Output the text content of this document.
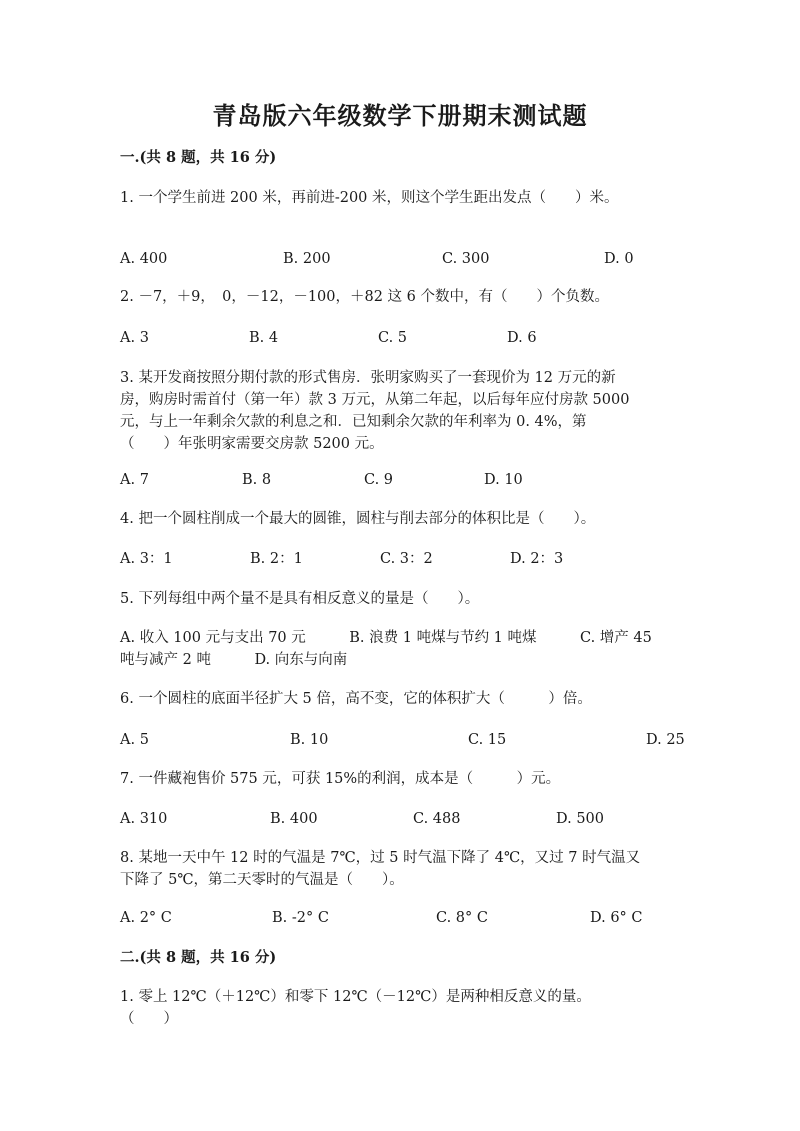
青岛版六年级数学下册期末测试题
一.(共 8 题，共 16 分)
1. 一个学生前进 200 米，再前进-200 米，则这个学生距出发点（　　）米。
A. 400	B. 200	C. 300	D. 0
2. －7，＋9，　0，－12，－100，＋82 这 6 个数中，有（　　）个负数。
A. 3	B. 4	C. 5	D. 6
3. 某开发商按照分期付款的形式售房．张明家购买了一套现价为 12 万元的新
房，购房时需首付（第一年）款 3 万元，从第二年起，以后每年应付房款 5000
元，与上一年剩余欠款的利息之和．已知剩余欠款的年利率为 0. 4%，第
（　　）年张明家需要交房款 5200 元。
A. 7	B. 8	C. 9	D. 10
4. 把一个圆柱削成一个最大的圆锥，圆柱与削去部分的体积比是（　　）。
A. 3：1	B. 2：1	C. 3：2	D. 2：3
5. 下列每组中两个量不是具有相反意义的量是（　　）。
A. 收入 100 元与支出 70 元　　　B. 浪费 1 吨煤与节约 1 吨煤　　　C. 增产 45
吨与减产 2 吨　　　D. 向东与向南
6. 一个圆柱的底面半径扩大 5 倍，高不变，它的体积扩大（　　　）倍。
A. 5	B. 10	C. 15	D. 25
7. 一件藏袍售价 575 元，可获 15%的利润，成本是（　　　）元。
A. 310	B. 400	C. 488	D. 500
8. 某地一天中午 12 时的气温是 7℃，过 5 时气温下降了 4℃，又过 7 时气温又
下降了 5℃，第二天零时的气温是（　　）。
A. 2° C	B. -2° C	C. 8° C	D. 6° C
二.(共 8 题，共 16 分)
1. 零上 12℃（＋12℃）和零下 12℃（－12℃）是两种相反意义的量。
（　　）
